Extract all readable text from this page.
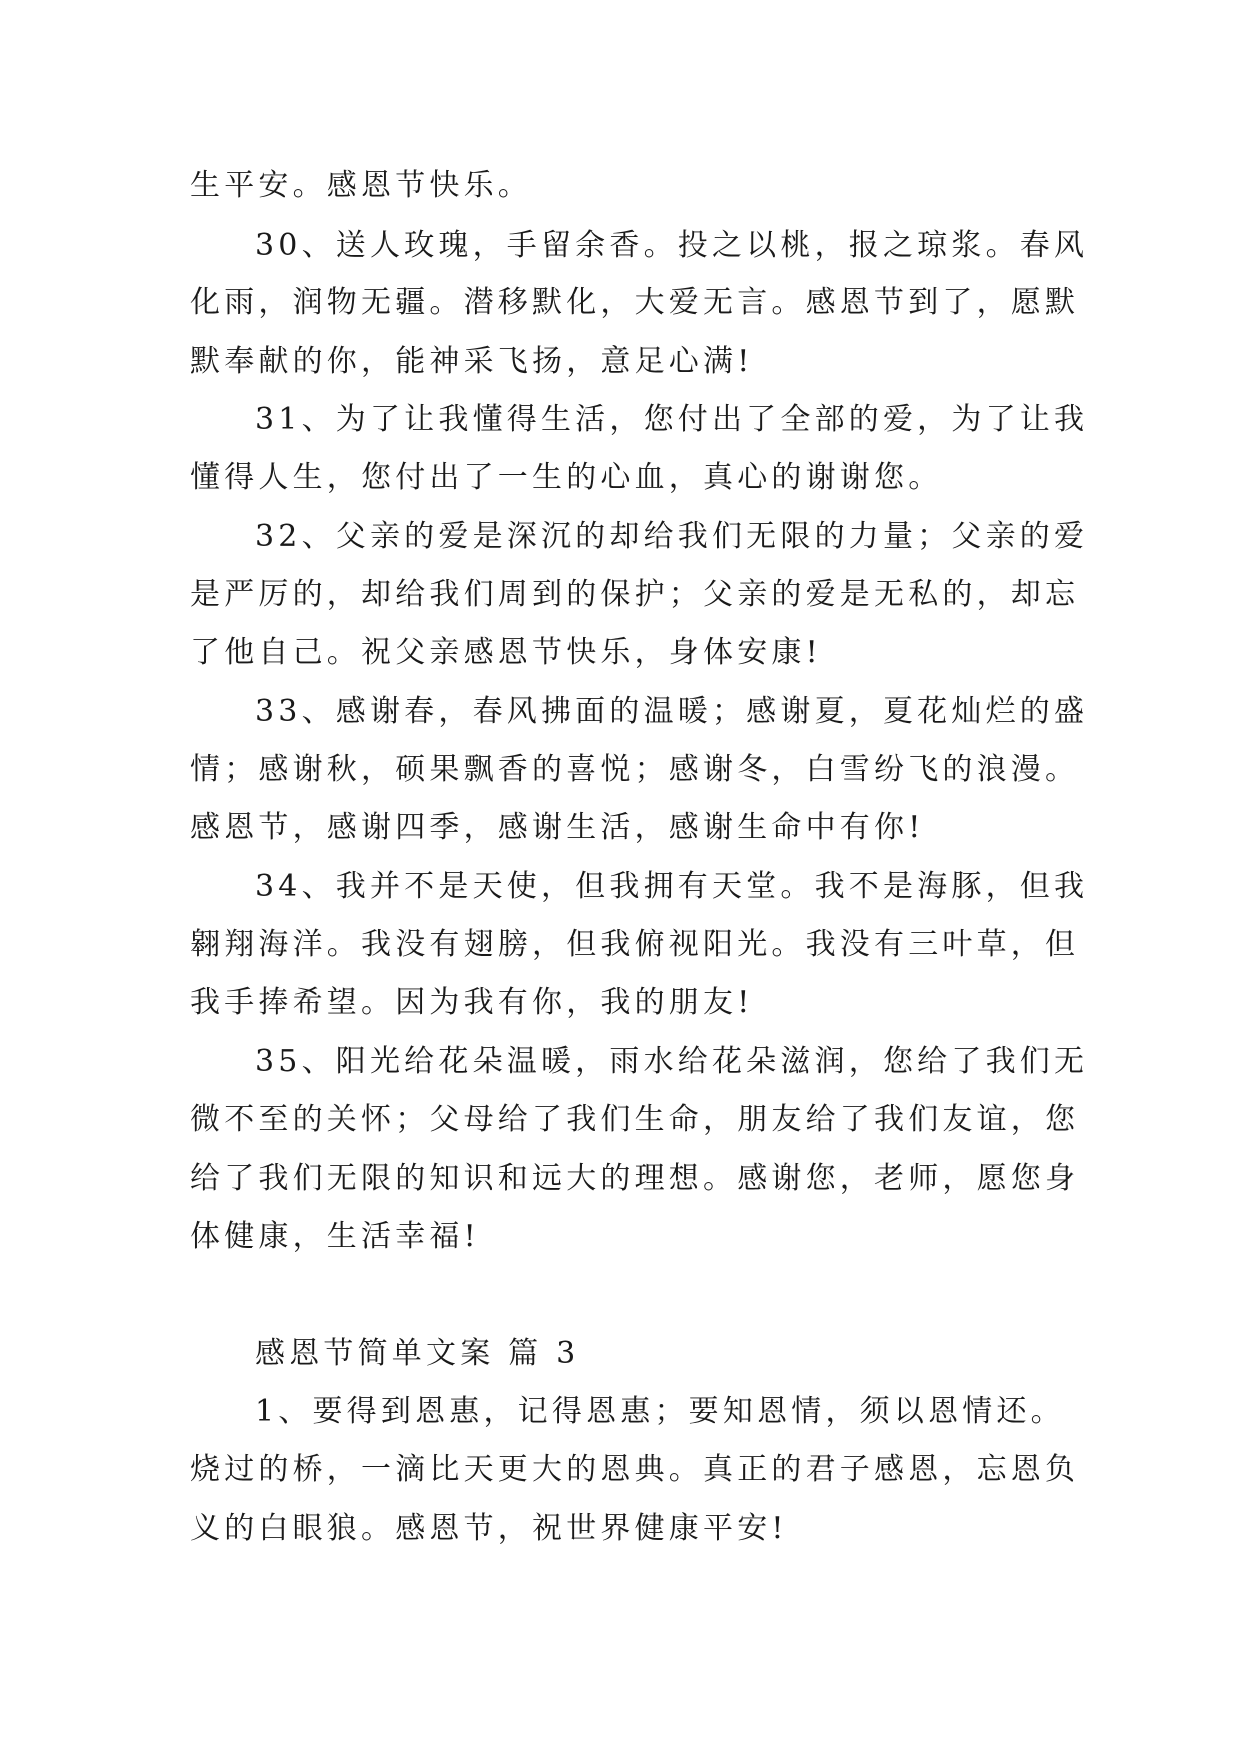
生平安。感恩节快乐。
30、送人玫瑰，手留余香。投之以桃，报之琼浆。春风
化雨，润物无疆。潜移默化，大爱无言。感恩节到了，愿默
默奉献的你，能神采飞扬，意足心满!
31、为了让我懂得生活，您付出了全部的爱，为了让我
懂得人生，您付出了一生的心血，真心的谢谢您。
32、父亲的爱是深沉的却给我们无限的力量；父亲的爱
是严厉的，却给我们周到的保护；父亲的爱是无私的，却忘
了他自己。祝父亲感恩节快乐，身体安康!
33、感谢春，春风拂面的温暖；感谢夏，夏花灿烂的盛
情；感谢秋，硕果飘香的喜悦；感谢冬，白雪纷飞的浪漫。
感恩节，感谢四季，感谢生活，感谢生命中有你!
34、我并不是天使，但我拥有天堂。我不是海豚，但我
翱翔海洋。我没有翅膀，但我俯视阳光。我没有三叶草，但
我手捧希望。因为我有你，我的朋友!
35、阳光给花朵温暖，雨水给花朵滋润，您给了我们无
微不至的关怀；父母给了我们生命，朋友给了我们友谊，您
给了我们无限的知识和远大的理想。感谢您，老师，愿您身
体健康，生活幸福!
感恩节简单文案 篇 3
1、要得到恩惠，记得恩惠；要知恩情，须以恩情还。
烧过的桥，一滴比天更大的恩典。真正的君子感恩，忘恩负
义的白眼狼。感恩节，祝世界健康平安!
